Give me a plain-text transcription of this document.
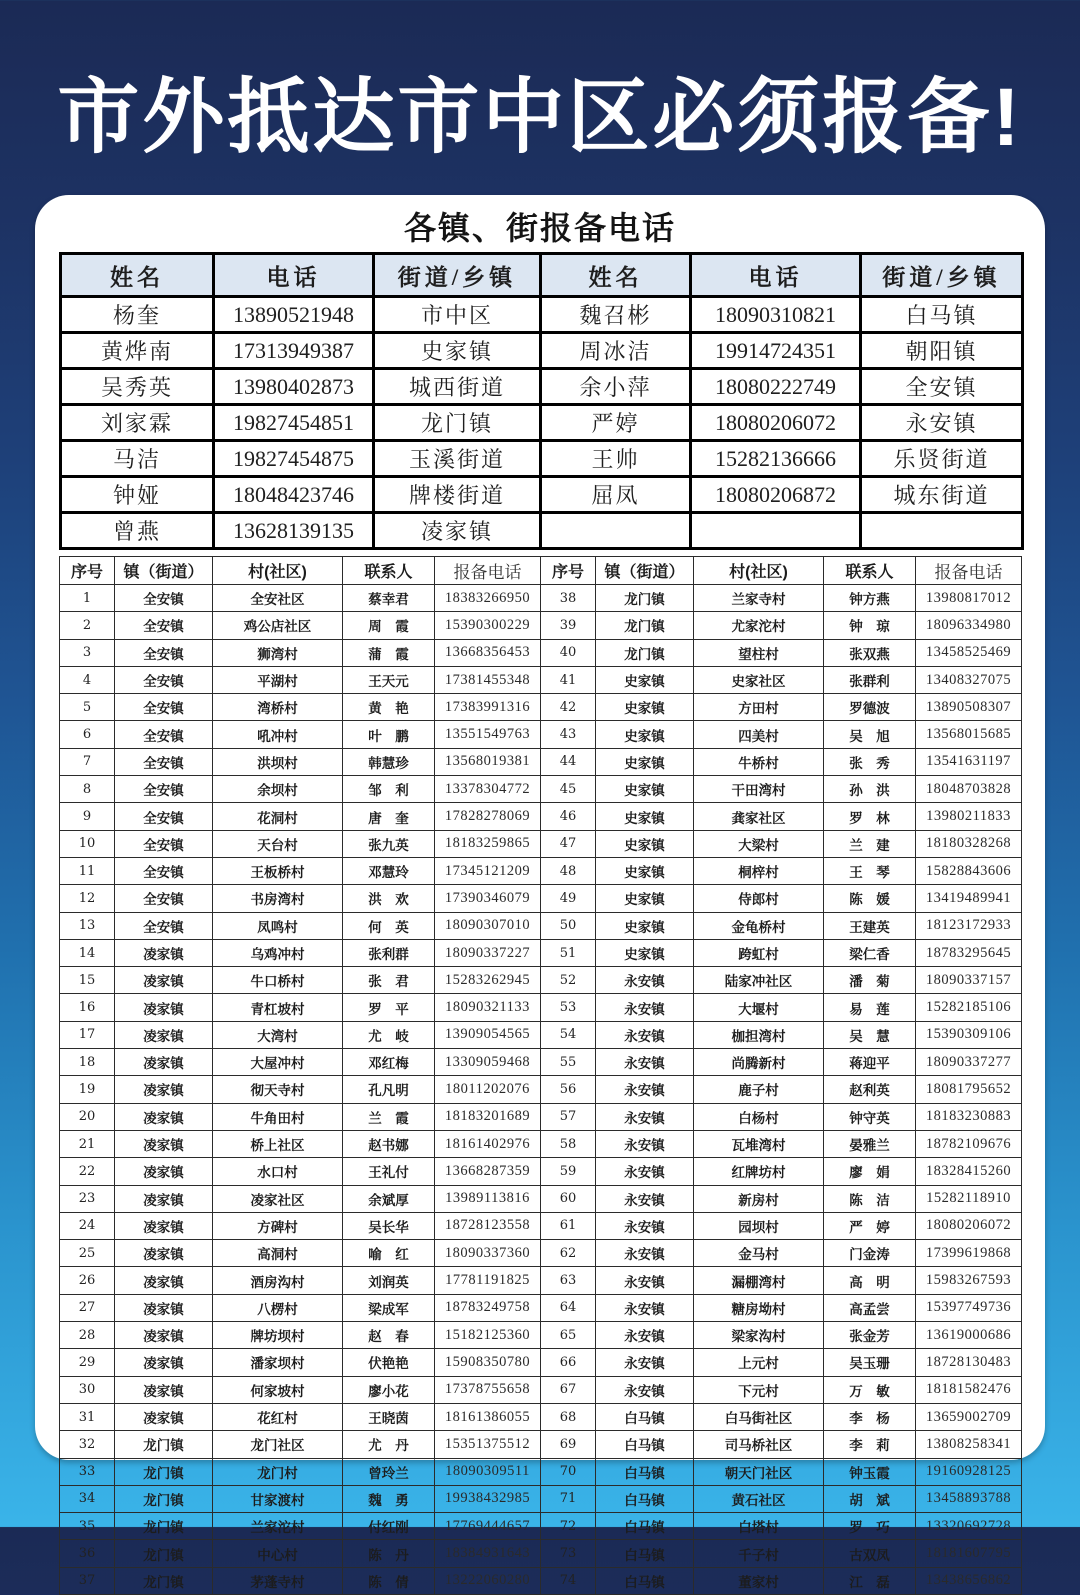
市外抵达市中区必须报备!
各镇、街报备电话
姓名	电话	街道/乡镇	姓名	电话	街道/乡镇
杨奎	13890521948	市中区	魏召彬	18090310821	白马镇
黄烨南	17313949387	史家镇	周冰洁	19914724351	朝阳镇
吴秀英	13980402873	城西街道	余小萍	18080222749	全安镇
刘家霖	19827454851	龙门镇	严婷	18080206072	永安镇
马洁	19827454875	玉溪街道	王帅	15282136666	乐贤街道
钟娅	18048423746	牌楼街道	屈凤	18080206872	城东街道
曾燕	13628139135	凌家镇			
序号	镇（街道）	村(社区)	联系人	报备电话	序号	镇（街道）	村(社区)	联系人	报备电话
1	全安镇	全安社区	蔡幸君	18383266950	38	龙门镇	兰家寺村	钟方燕	13980817012
2	全安镇	鸡公店社区	周　霞	15390300229	39	龙门镇	尤家沱村	钟　琼	18096334980
3	全安镇	狮湾村	蒲　霞	13668356453	40	龙门镇	望柱村	张双燕	13458525469
4	全安镇	平湖村	王天元	17381455348	41	史家镇	史家社区	张群利	13408327075
5	全安镇	湾桥村	黄　艳	17383991316	42	史家镇	方田村	罗德波	13890508307
6	全安镇	吼冲村	叶　鹏	13551549763	43	史家镇	四美村	吴　旭	13568015685
7	全安镇	洪坝村	韩慧珍	13568019381	44	史家镇	牛桥村	张　秀	13541631197
8	全安镇	余坝村	邹　利	13378304772	45	史家镇	干田湾村	孙　洪	18048703828
9	全安镇	花洞村	唐　奎	17828278069	46	史家镇	龚家社区	罗　林	13980211833
10	全安镇	天台村	张九英	18183259865	47	史家镇	大梁村	兰　建	18180328268
11	全安镇	王板桥村	邓慧玲	17345121209	48	史家镇	桐梓村	王　琴	15828843606
12	全安镇	书房湾村	洪　欢	17390346079	49	史家镇	侍郎村	陈　媛	13419489941
13	全安镇	凤鸣村	何　英	18090307010	50	史家镇	金龟桥村	王建英	18123172933
14	凌家镇	乌鸡冲村	张利群	18090337227	51	史家镇	跨虹村	梁仁香	18783295645
15	凌家镇	牛口桥村	张　君	15283262945	52	永安镇	陆家冲社区	潘　菊	18090337157
16	凌家镇	青杠坡村	罗　平	18090321133	53	永安镇	大堰村	易　莲	15282185106
17	凌家镇	大湾村	尤　岐	13909054565	54	永安镇	枷担湾村	吴　慧	15390309106
18	凌家镇	大屋冲村	邓红梅	13309059468	55	永安镇	尚腾新村	蒋迎平	18090337277
19	凌家镇	彻天寺村	孔凡明	18011202076	56	永安镇	鹿子村	赵利英	18081795652
20	凌家镇	牛角田村	兰　霞	18183201689	57	永安镇	白杨村	钟守英	18183230883
21	凌家镇	桥上社区	赵书娜	18161402976	58	永安镇	瓦堆湾村	晏雅兰	18782109676
22	凌家镇	水口村	王礼付	13668287359	59	永安镇	红牌坊村	廖　娟	18328415260
23	凌家镇	凌家社区	余斌厚	13989113816	60	永安镇	新房村	陈　洁	15282118910
24	凌家镇	方碑村	吴长华	18728123558	61	永安镇	园坝村	严　婷	18080206072
25	凌家镇	高洞村	喻　红	18090337360	62	永安镇	金马村	门金涛	17399619868
26	凌家镇	酒房沟村	刘润英	17781191825	63	永安镇	漏棚湾村	高　明	15983267593
27	凌家镇	八楞村	梁成军	18783249758	64	永安镇	糖房坳村	高孟尝	15397749736
28	凌家镇	牌坊坝村	赵　春	15182125360	65	永安镇	梁家沟村	张金芳	13619000686
29	凌家镇	潘家坝村	伏艳艳	15908350780	66	永安镇	上元村	吴玉珊	18728130483
30	凌家镇	何家坡村	廖小花	17378755658	67	永安镇	下元村	万　敏	18181582476
31	凌家镇	花红村	王晓茵	18161386055	68	白马镇	白马街社区	李　杨	13659002709
32	龙门镇	龙门社区	尤　丹	15351375512	69	白马镇	司马桥社区	李　莉	13808258341
33	龙门镇	龙门村	曾玲兰	18090309511	70	白马镇	朝天门社区	钟玉霞	19160928125
34	龙门镇	甘家渡村	魏　勇	19938432985	71	白马镇	黄石社区	胡　斌	13458893788
35	龙门镇	兰家沱村	付红刚	17769444657	72	白马镇	白塔村	罗　巧	13320692728
36	龙门镇	中心村	陈　丹	18384931643	73	白马镇	千子村	古双凤	18181607795
37	龙门镇	茅蓬寺村	陈　倩	13222060280	74	白马镇	董家村	江　磊	13438656862
